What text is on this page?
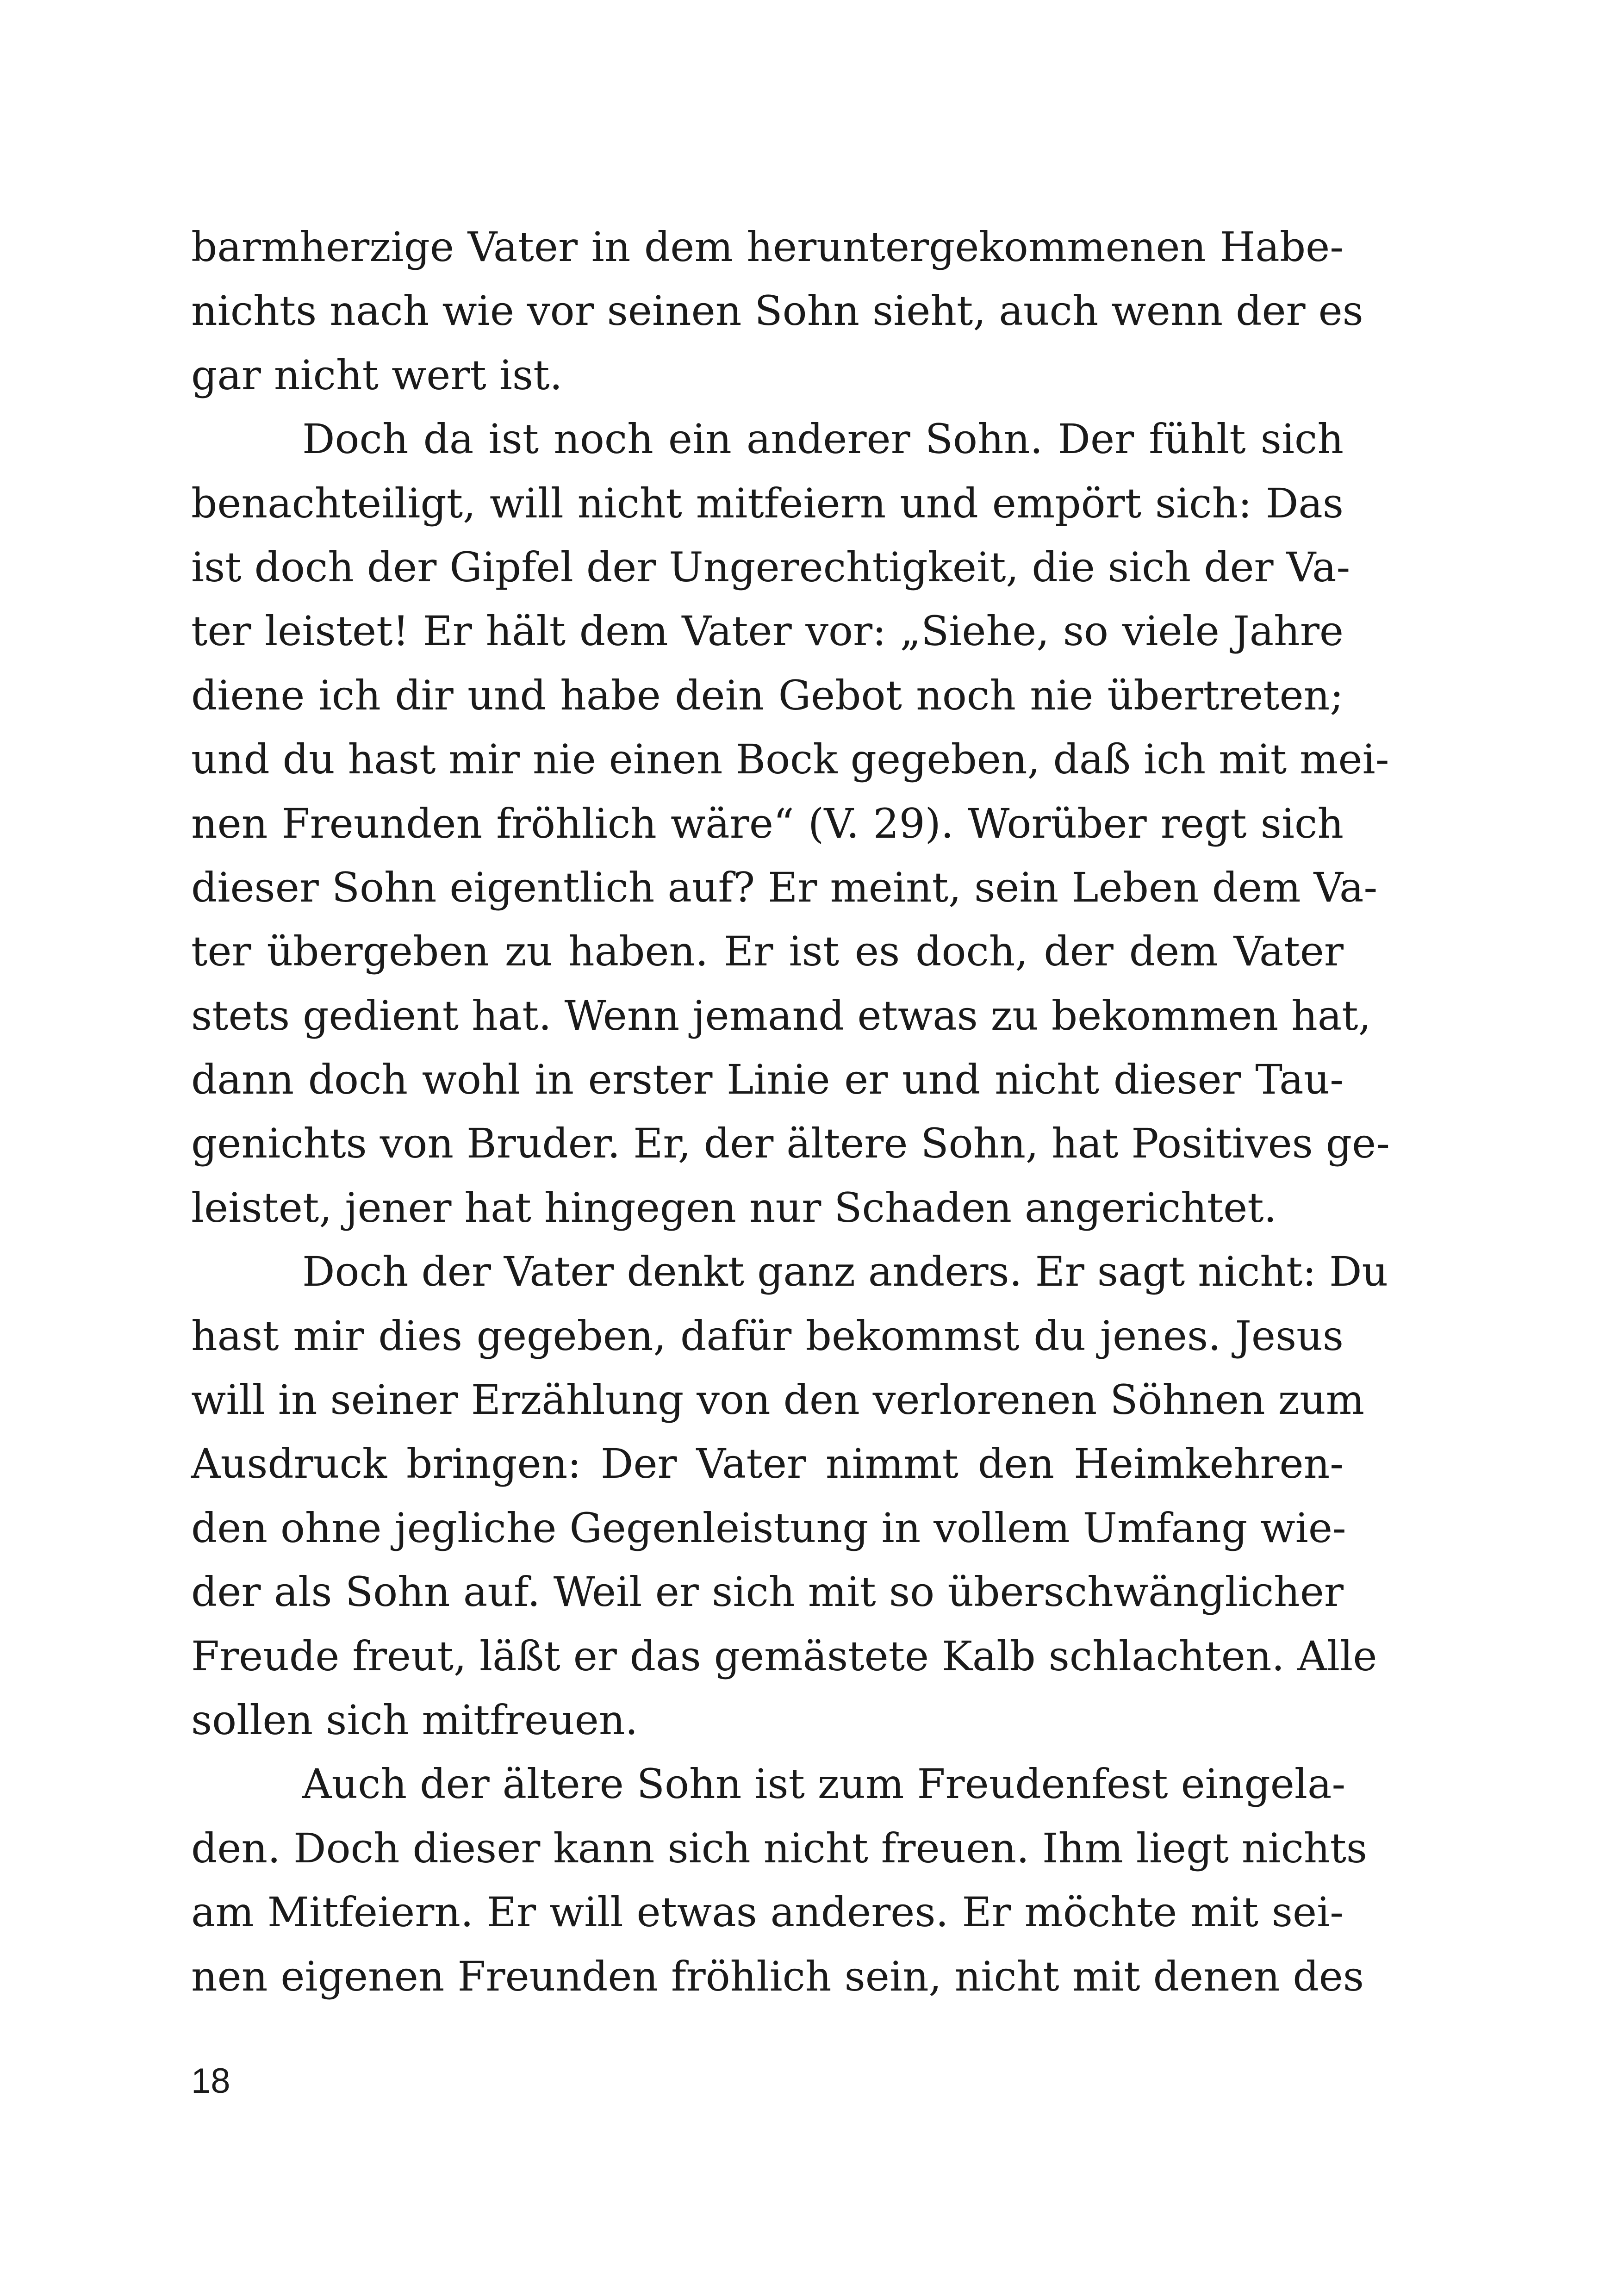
barmherzige Vater in dem heruntergekommenen Habe-
nichts nach wie vor seinen Sohn sieht, auch wenn der es
gar nicht wert ist.
Doch da ist noch ein anderer Sohn. Der fühlt sich
benachteiligt, will nicht mitfeiern und empört sich: Das
ist doch der Gipfel der Ungerechtigkeit, die sich der Va-
ter leistet! Er hält dem Vater vor: „Siehe, so viele Jahre
diene ich dir und habe dein Gebot noch nie übertreten;
und du hast mir nie einen Bock gegeben, daß ich mit mei-
nen Freunden fröhlich wäre“ (V. 29). Worüber regt sich
dieser Sohn eigentlich auf? Er meint, sein Leben dem Va-
ter übergeben zu haben. Er ist es doch, der dem Vater
stets gedient hat. Wenn jemand etwas zu bekommen hat,
dann doch wohl in erster Linie er und nicht dieser Tau-
genichts von Bruder. Er, der ältere Sohn, hat Positives ge-
leistet, jener hat hingegen nur Schaden angerichtet.
Doch der Vater denkt ganz anders. Er sagt nicht: Du
hast mir dies gegeben, dafür bekommst du jenes. Jesus
will in seiner Erzählung von den verlorenen Söhnen zum
Ausdruck bringen: Der Vater nimmt den Heimkehren-
den ohne jegliche Gegenleistung in vollem Umfang wie-
der als Sohn auf. Weil er sich mit so überschwänglicher
Freude freut, läßt er das gemästete Kalb schlachten. Alle
sollen sich mitfreuen.
Auch der ältere Sohn ist zum Freudenfest eingela-
den. Doch dieser kann sich nicht freuen. Ihm liegt nichts
am Mitfeiern. Er will etwas anderes. Er möchte mit sei-
nen eigenen Freunden fröhlich sein, nicht mit denen des
18
